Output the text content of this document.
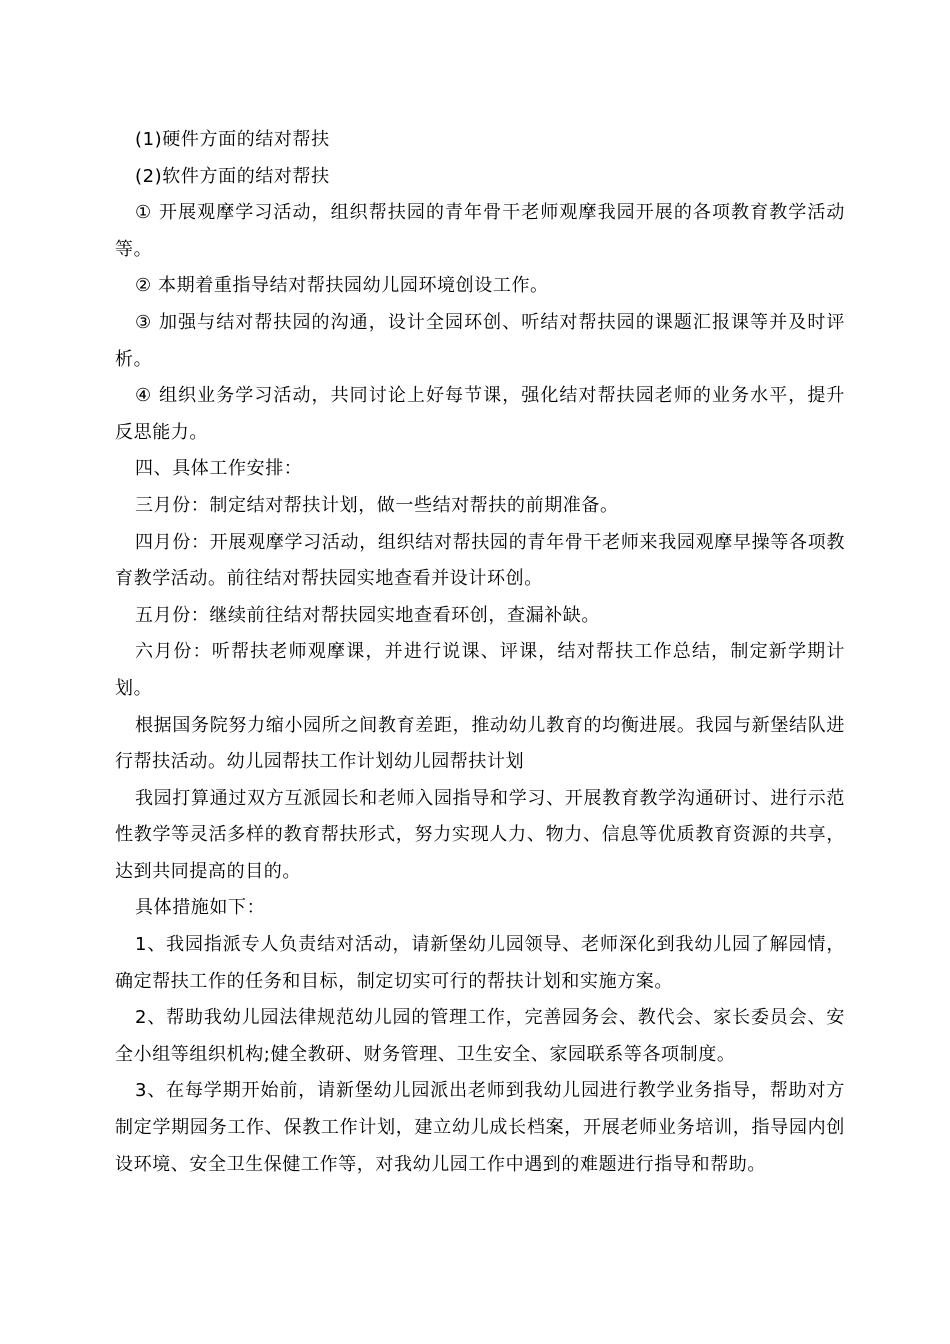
(1)硬件方面的结对帮扶

(2)软件方面的结对帮扶

① 开展观摩学习活动，组织帮扶园的青年骨干老师观摩我园开展的各项教育教学活动等。

② 本期着重指导结对帮扶园幼儿园环境创设工作。

③ 加强与结对帮扶园的沟通，设计全园环创、听结对帮扶园的课题汇报课等并及时评析。

④ 组织业务学习活动，共同讨论上好每节课，强化结对帮扶园老师的业务水平，提升反思能力。

四、具体工作安排：

三月份：制定结对帮扶计划，做一些结对帮扶的前期准备。

四月份：开展观摩学习活动，组织结对帮扶园的青年骨干老师来我园观摩早操等各项教育教学活动。前往结对帮扶园实地查看并设计环创。

五月份：继续前往结对帮扶园实地查看环创，查漏补缺。

六月份：听帮扶老师观摩课，并进行说课、评课，结对帮扶工作总结，制定新学期计划。

根据国务院努力缩小园所之间教育差距，推动幼儿教育的均衡进展。我园与新堡结队进行帮扶活动。幼儿园帮扶工作计划幼儿园帮扶计划

我园打算通过双方互派园长和老师入园指导和学习、开展教育教学沟通研讨、进行示范性教学等灵活多样的教育帮扶形式，努力实现人力、物力、信息等优质教育资源的共享，达到共同提高的目的。

具体措施如下：

1、我园指派专人负责结对活动，请新堡幼儿园领导、老师深化到我幼儿园了解园情，确定帮扶工作的任务和目标，制定切实可行的帮扶计划和实施方案。

2、帮助我幼儿园法律规范幼儿园的管理工作，完善园务会、教代会、家长委员会、安全小组等组织机构;健全教研、财务管理、卫生安全、家园联系等各项制度。

3、在每学期开始前，请新堡幼儿园派出老师到我幼儿园进行教学业务指导，帮助对方制定学期园务工作、保教工作计划，建立幼儿成长档案，开展老师业务培训，指导园内创设环境、安全卫生保健工作等，对我幼儿园工作中遇到的难题进行指导和帮助。
